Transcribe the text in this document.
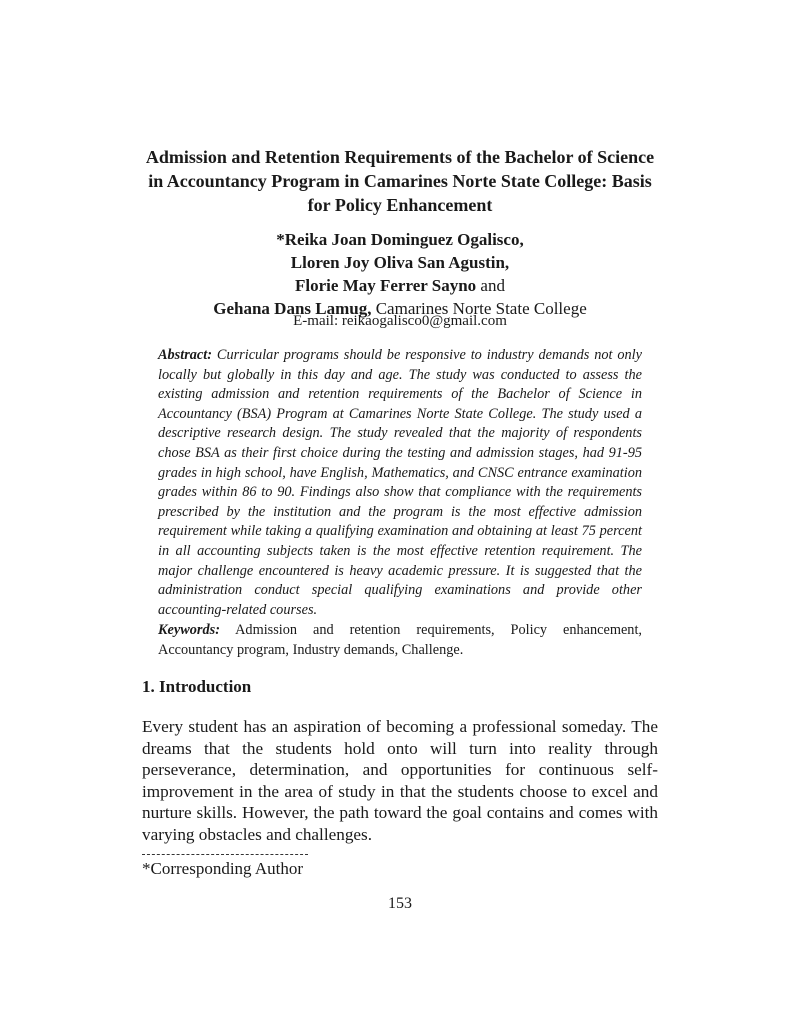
Admission and Retention Requirements of the Bachelor of Science
in Accountancy Program in Camarines Norte State College: Basis
for Policy Enhancement
*Reika Joan Dominguez Ogalisco,
Lloren Joy Oliva San Agustin,
Florie May Ferrer Sayno and
Gehana Dans Lamug, Camarines Norte State College
E-mail: reikaogalisco0@gmail.com

Abstract: Curricular programs should be responsive to industry demands not only locally but globally in this day and age. The study was conducted to assess the existing admission and retention requirements of the Bachelor of Science in Accountancy (BSA) Program at Camarines Norte State College. The study used a descriptive research design. The study revealed that the majority of respondents chose BSA as their first choice during the testing and admission stages, had 91-95 grades in high school, have English, Mathematics, and CNSC entrance examination grades within 86 to 90. Findings also show that compliance with the requirements prescribed by the institution and the program is the most effective admission requirement while taking a qualifying examination and obtaining at least 75 percent in all accounting subjects taken is the most effective retention requirement. The major challenge encountered is heavy academic pressure. It is suggested that the administration conduct special qualifying examinations and provide other accounting-related courses.

Keywords: Admission and retention requirements, Policy enhancement, Accountancy program, Industry demands, Challenge.

1. Introduction

Every student has an aspiration of becoming a professional someday. The dreams that the students hold onto will turn into reality through perseverance, determination, and opportunities for continuous self-improvement in the area of study in that the students choose to excel and nurture skills. However, the path toward the goal contains and comes with varying obstacles and challenges.

*Corresponding Author

153
